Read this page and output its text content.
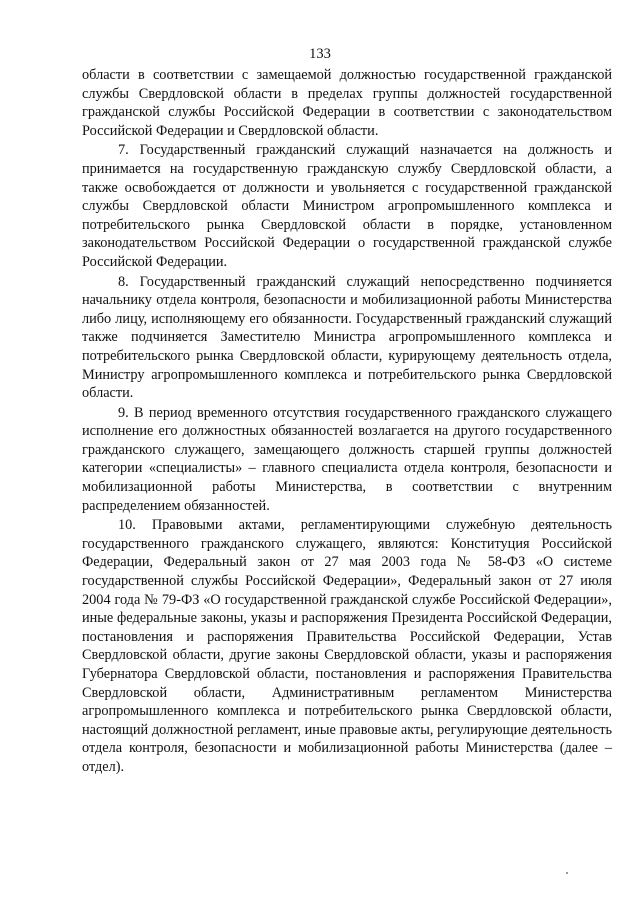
133

области в соответствии с замещаемой должностью государственной гражданской службы Свердловской области в пределах группы должностей государственной гражданской службы Российской Федерации в соответствии с законодательством Российской Федерации и Свердловской области.

7. Государственный гражданский служащий назначается на должность и принимается на государственную гражданскую службу Свердловской области, а также освобождается от должности и увольняется с государственной гражданской службы Свердловской области Министром агропромышленного комплекса и потребительского рынка Свердловской области в порядке, установленном законодательством Российской Федерации о государственной гражданской службе Российской Федерации.

8. Государственный гражданский служащий непосредственно подчиняется начальнику отдела контроля, безопасности и мобилизационной работы Министерства либо лицу, исполняющему его обязанности. Государственный гражданский служащий также подчиняется Заместителю Министра агропромышленного комплекса и потребительского рынка Свердловской области, курирующему деятельность отдела, Министру агропромышленного комплекса и потребительского рынка Свердловской области.

9. В период временного отсутствия государственного гражданского служащего исполнение его должностных обязанностей возлагается на другого государственного гражданского служащего, замещающего должность старшей группы должностей категории «специалисты» – главного специалиста отдела контроля, безопасности и мобилизационной работы Министерства, в соответствии с внутренним распределением обязанностей.

10. Правовыми актами, регламентирующими служебную деятельность государственного гражданского служащего, являются: Конституция Российской Федерации, Федеральный закон от 27 мая 2003 года № 58-ФЗ «О системе государственной службы Российской Федерации», Федеральный закон от 27 июля 2004 года № 79-ФЗ «О государственной гражданской службе Российской Федерации», иные федеральные законы, указы и распоряжения Президента Российской Федерации, постановления и распоряжения Правительства Российской Федерации, Устав Свердловской области, другие законы Свердловской области, указы и распоряжения Губернатора Свердловской области, постановления и распоряжения Правительства Свердловской области, Административным регламентом Министерства агропромышленного комплекса и потребительского рынка Свердловской области, настоящий должностной регламент, иные правовые акты, регулирующие деятельность отдела контроля, безопасности и мобилизационной работы Министерства (далее – отдел).
